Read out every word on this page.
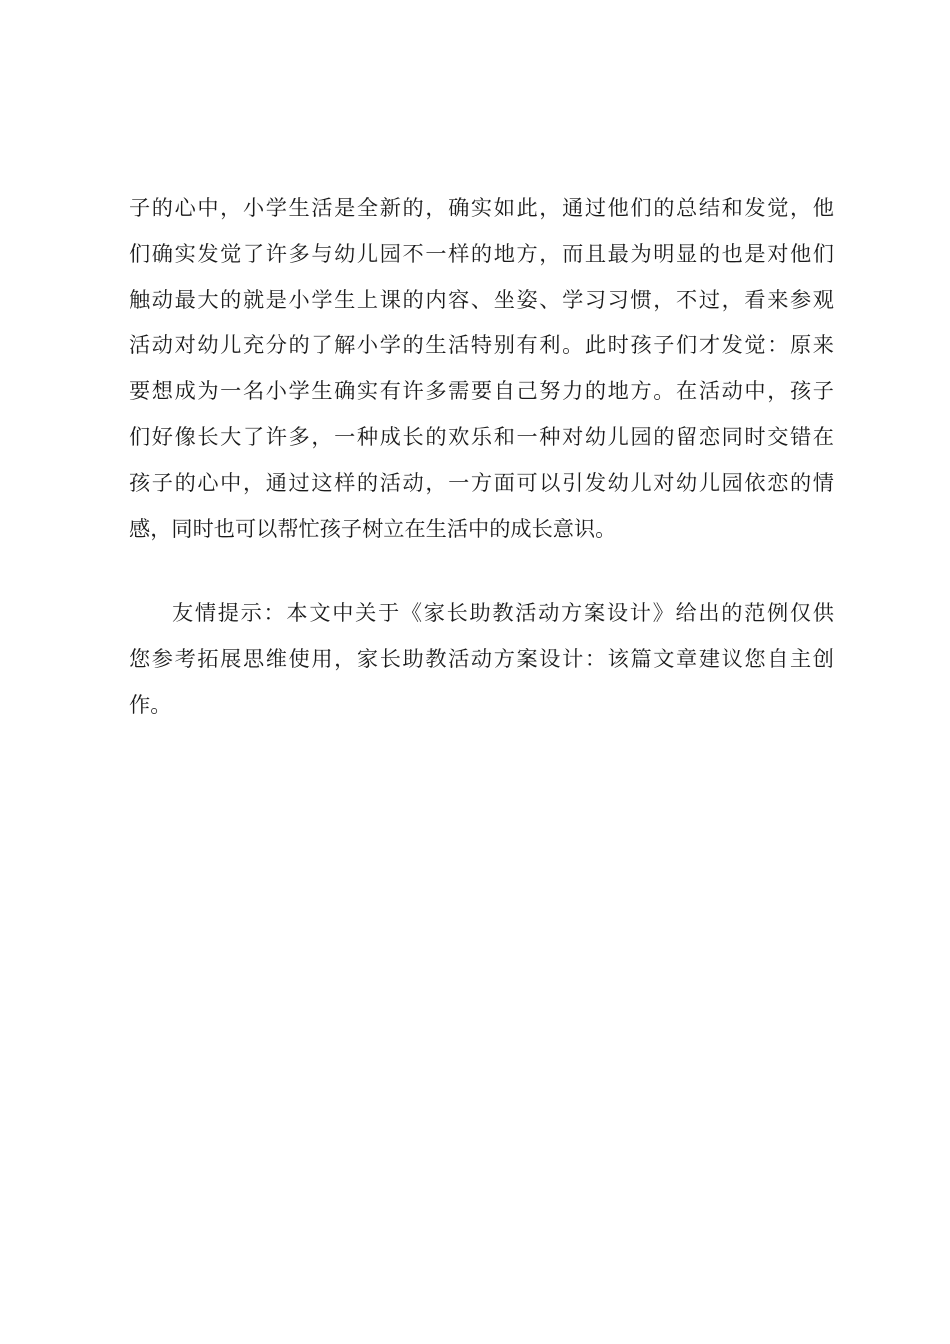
子的心中，小学生活是全新的，确实如此，通过他们的总结和发觉，他
们确实发觉了许多与幼儿园不一样的地方，而且最为明显的也是对他们
触动最大的就是小学生上课的内容、坐姿、学习习惯，不过，看来参观
活动对幼儿充分的了解小学的生活特别有利。此时孩子们才发觉：原来
要想成为一名小学生确实有许多需要自己努力的地方。在活动中，孩子
们好像长大了许多，一种成长的欢乐和一种对幼儿园的留恋同时交错在
孩子的心中，通过这样的活动，一方面可以引发幼儿对幼儿园依恋的情
感，同时也可以帮忙孩子树立在生活中的成长意识。
友情提示：本文中关于《家长助教活动方案设计》给出的范例仅供
您参考拓展思维使用，家长助教活动方案设计：该篇文章建议您自主创
作。
